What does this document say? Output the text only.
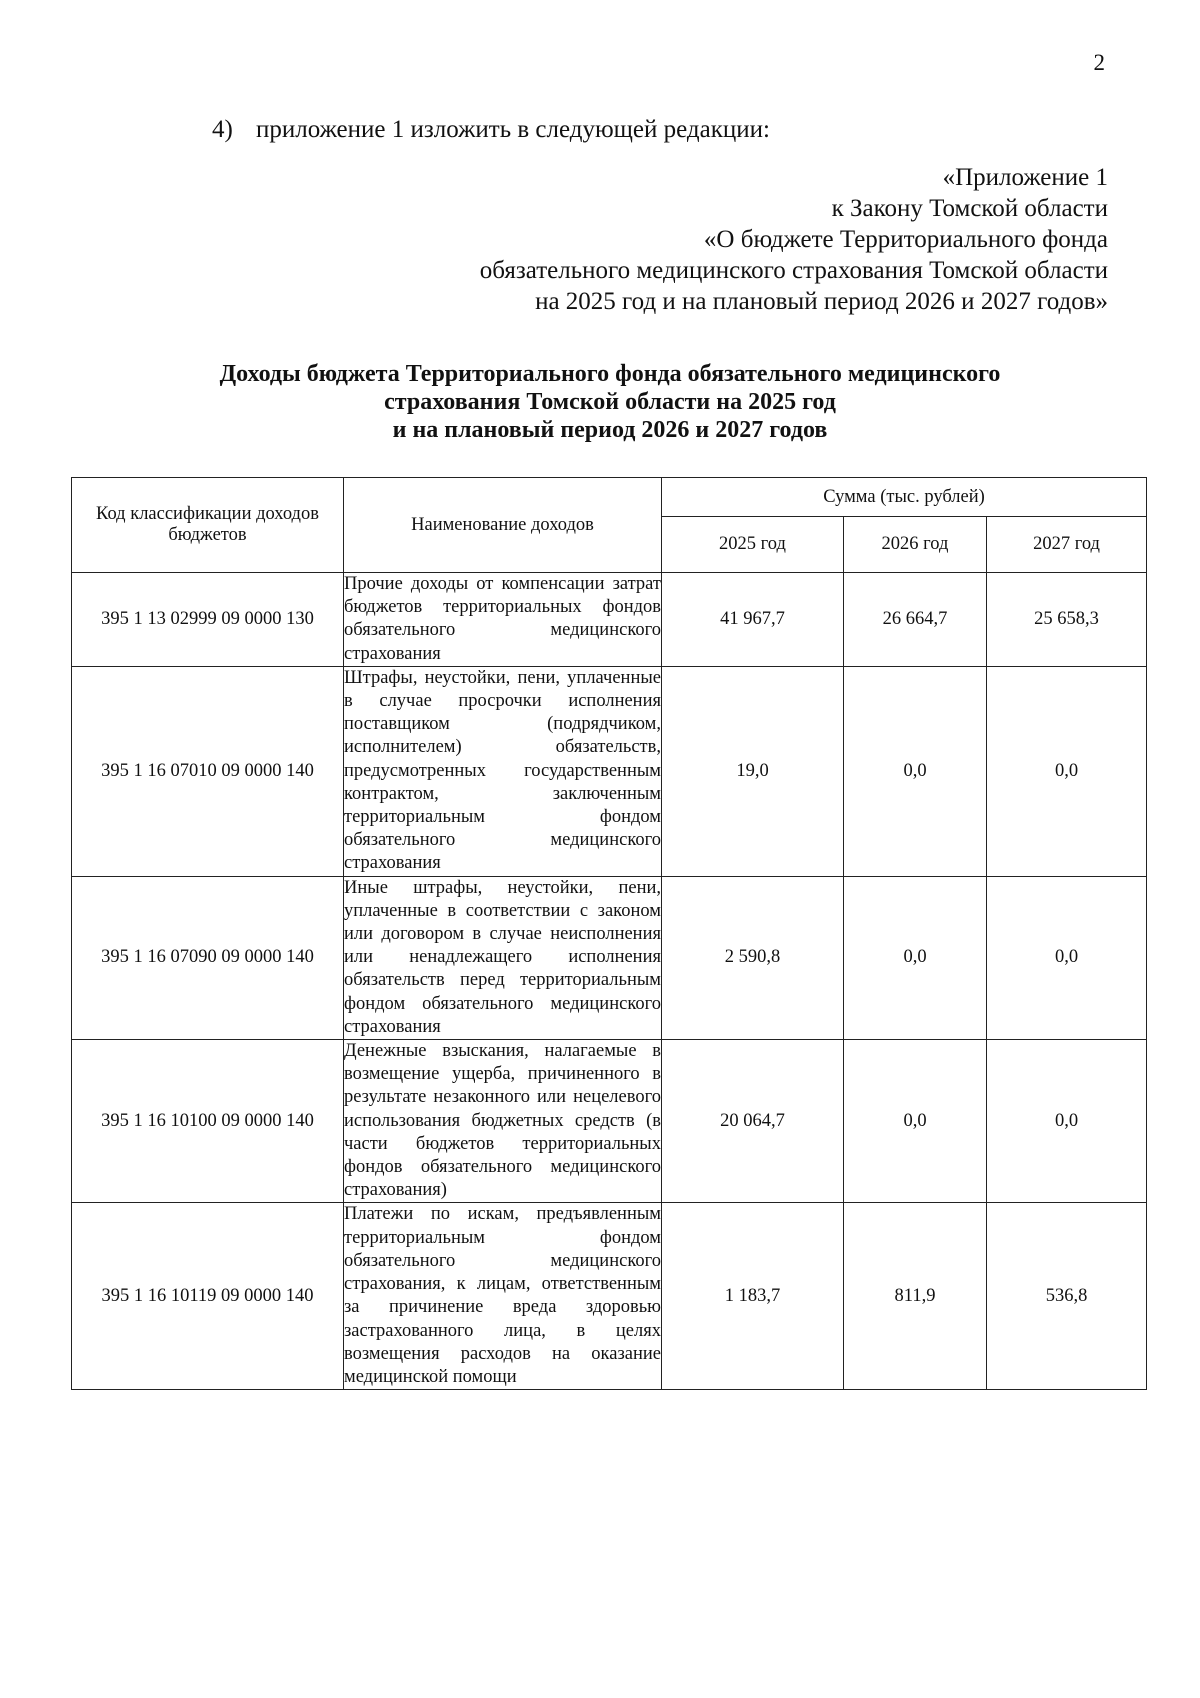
2
4) приложение 1 изложить в следующей редакции:
«Приложение 1
к Закону Томской области
«О бюджете Территориального фонда
обязательного медицинского страхования Томской области
на 2025 год и на плановый период 2026 и 2027 годов»
Доходы бюджета Территориального фонда обязательного медицинского
страхования Томской области на 2025 год
и на плановый период 2026 и 2027 годов
Код классификации доходов бюджетов	Наименование доходов	Сумма (тыс. рублей)		
		2025 год	2026 год	2027 год
395 1 13 02999 09 0000 130	Прочие доходы от компенсации затрат бюджетов территориальных фондов обязательного медицинского страхования	41 967,7	26 664,7	25 658,3
395 1 16 07010 09 0000 140	Штрафы, неустойки, пени, уплаченные в случае просрочки исполнения поставщиком (подрядчиком, исполнителем) обязательств, предусмотренных государственным контрактом, заключенным территориальным фондом обязательного медицинского страхования	19,0	0,0	0,0
395 1 16 07090 09 0000 140	Иные штрафы, неустойки, пени, уплаченные в соответствии с законом или договором в случае неисполнения или ненадлежащего исполнения обязательств перед территориальным фондом обязательного медицинского страхования	2 590,8	0,0	0,0
395 1 16 10100 09 0000 140	Денежные взыскания, налагаемые в возмещение ущерба, причиненного в результате незаконного или нецелевого использования бюджетных средств (в части бюджетов территориальных фондов обязательного медицинского страхования)	20 064,7	0,0	0,0
395 1 16 10119 09 0000 140	Платежи по искам, предъявленным территориальным фондом обязательного медицинского страхования, к лицам, ответственным за причинение вреда здоровью застрахованного лица, в целях возмещения расходов на оказание медицинской помощи	1 183,7	811,9	536,8
